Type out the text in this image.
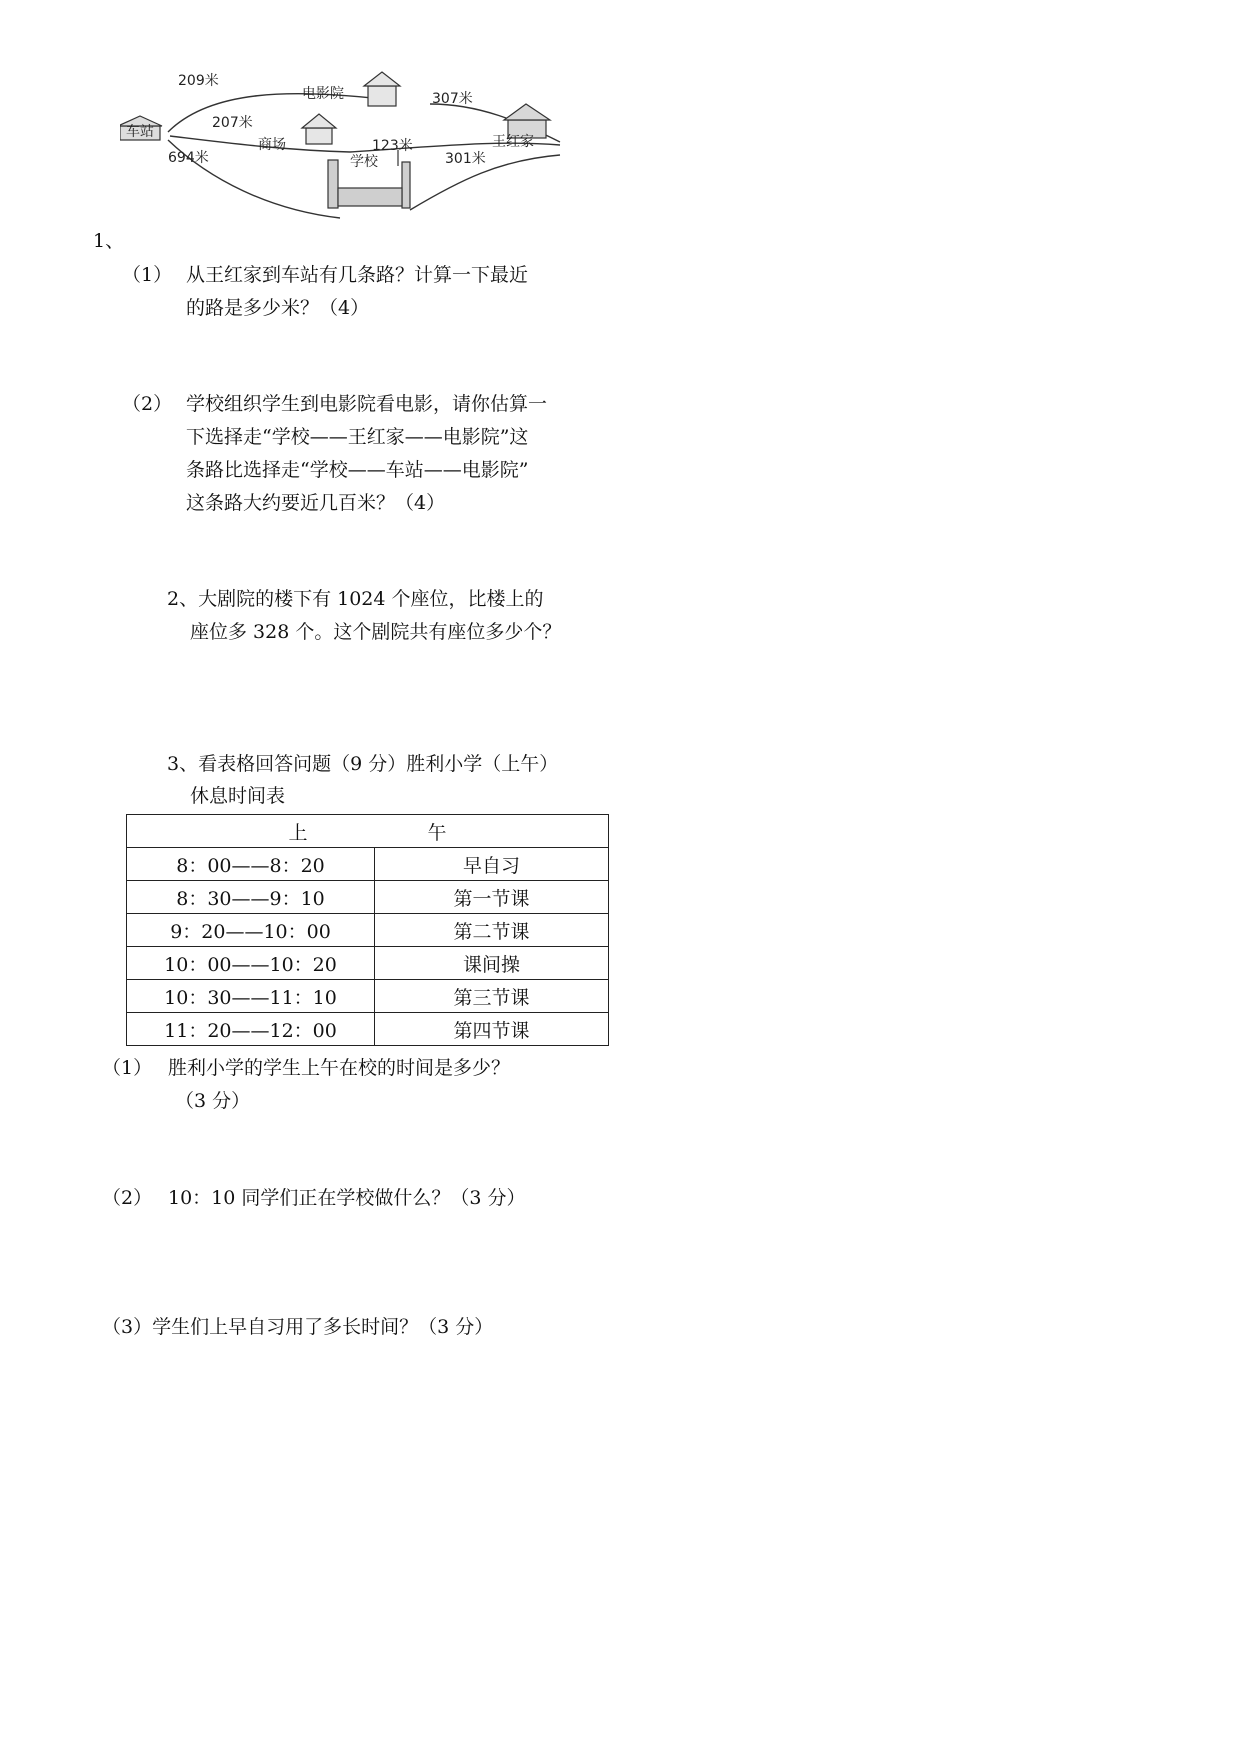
209米
电影院	307米
207米
车站
商场	123米	王红家
694米	学校	301米
1、
（1） 从王红家到车站有几条路？计算一下最近
的路是多少米？（4）
（2） 学校组织学生到电影院看电影，请你估算一
下选择走“学校——王红家——电影院”这
条路比选择走“学校——车站——电影院”
这条路大约要近几百米？（4）
2、大剧院的楼下有 1024 个座位，比楼上的
座位多 328 个。这个剧院共有座位多少个？
3、看表格回答问题（9 分）胜利小学（上午）
休息时间表
上 午	
8：00——8：20	早自习
8：30——9：10	第一节课
9：20——10：00	第二节课
10：00——10：20	课间操
10：30——11：10	第三节课
11：20——12：00	第四节课
（1） 胜利小学的学生上午在校的时间是多少？
（3 分）
（2） 10：10 同学们正在学校做什么？（3 分）
（3）学生们上早自习用了多长时间？（3 分）
